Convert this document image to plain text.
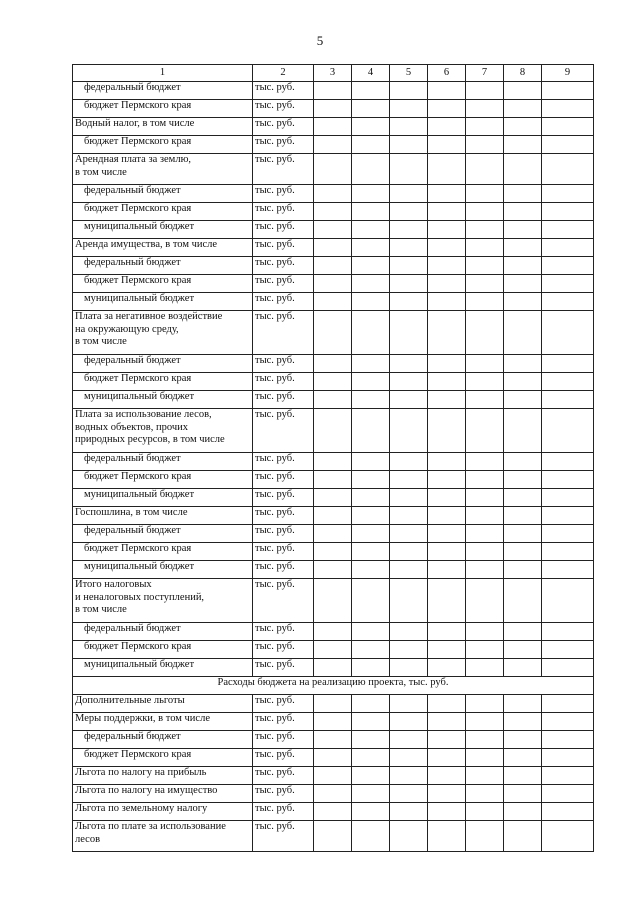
5
1	2	3	4	5	6	7	8	9
федеральный бюджет	тыс. руб.							
бюджет Пермского края	тыс. руб.							
Водный налог, в том числе	тыс. руб.							
бюджет Пермского края	тыс. руб.							
Арендная плата за землю,
в том числе	тыс. руб.							
федеральный бюджет	тыс. руб.							
бюджет Пермского края	тыс. руб.							
муниципальный бюджет	тыс. руб.							
Аренда имущества, в том числе	тыс. руб.							
федеральный бюджет	тыс. руб.							
бюджет Пермского края	тыс. руб.							
муниципальный бюджет	тыс. руб.							
Плата за негативное воздействие
на окружающую среду,
в том числе	тыс. руб.							
федеральный бюджет	тыс. руб.							
бюджет Пермского края	тыс. руб.							
муниципальный бюджет	тыс. руб.							
Плата за использование лесов,
водных объектов, прочих
природных ресурсов, в том числе	тыс. руб.							
федеральный бюджет	тыс. руб.							
бюджет Пермского края	тыс. руб.							
муниципальный бюджет	тыс. руб.							
Госпошлина, в том числе	тыс. руб.							
федеральный бюджет	тыс. руб.							
бюджет Пермского края	тыс. руб.							
муниципальный бюджет	тыс. руб.							
Итого налоговых
и неналоговых поступлений,
в том числе	тыс. руб.							
федеральный бюджет	тыс. руб.							
бюджет Пермского края	тыс. руб.							
муниципальный бюджет	тыс. руб.							
Расходы бюджета на реализацию проекта, тыс. руб.								
Дополнительные льготы	тыс. руб.							
Меры поддержки, в том числе	тыс. руб.							
федеральный бюджет	тыс. руб.							
бюджет Пермского края	тыс. руб.							
Льгота по налогу на прибыль	тыс. руб.							
Льгота по налогу на имущество	тыс. руб.							
Льгота по земельному налогу	тыс. руб.							
Льгота по плате за использование
лесов	тыс. руб.							
